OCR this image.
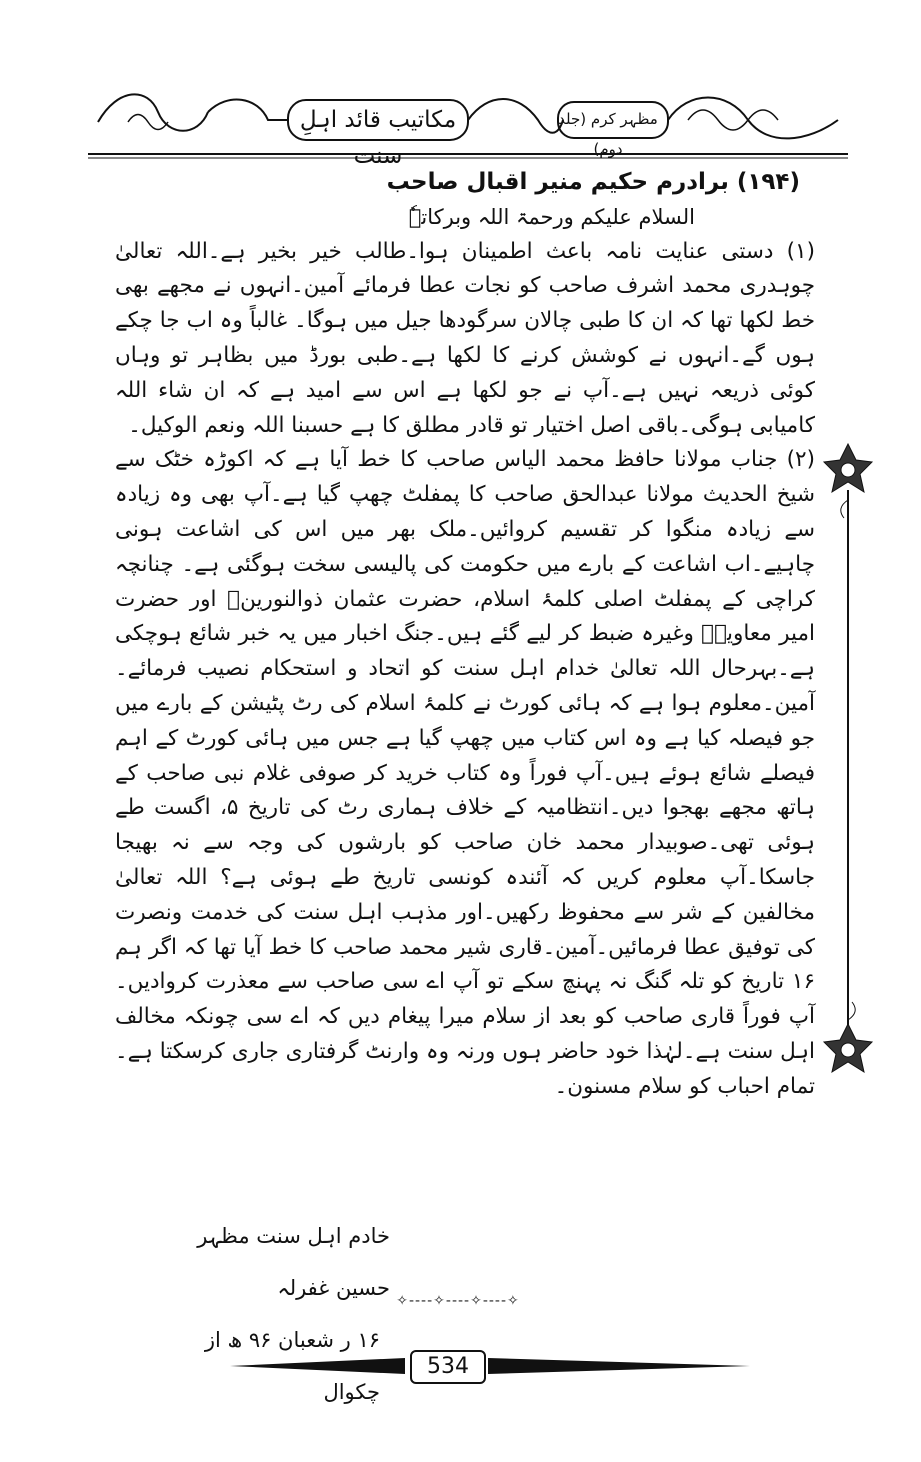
مکاتیب قائد اہلِ سنت
مظہر کرم (جلد دوم)
(۱۹۴) برادرم حکیم منیر اقبال صاحب
السلام علیکم ورحمۃ اللہ وبرکاتہٗ

(۱) دستی عنایت نامہ باعث اطمینان ہوا۔طالب خیر بخیر ہے۔اللہ تعالیٰ چوہدری محمد اشرف صاحب کو نجات عطا فرمائے آمین۔انہوں نے مجھے بھی خط لکھا تھا کہ ان کا طبی چالان سرگودھا جیل میں ہوگا۔ غالباً وہ اب جا چکے ہوں گے۔انہوں نے کوشش کرنے کا لکھا ہے۔طبی بورڈ میں بظاہر تو وہاں کوئی ذریعہ نہیں ہے۔آپ نے جو لکھا ہے اس سے امید ہے کہ ان شاء اللہ کامیابی ہوگی۔باقی اصل اختیار تو قادر مطلق کا ہے حسبنا اللہ ونعم الوکیل۔

(۲) جناب مولانا حافظ محمد الیاس صاحب کا خط آیا ہے کہ اکوڑہ خٹک سے شیخ الحدیث مولانا عبدالحق صاحب کا پمفلٹ چھپ گیا ہے۔آپ بھی وہ زیادہ سے زیادہ منگوا کر تقسیم کروائیں۔ملک بھر میں اس کی اشاعت ہونی چاہیے۔اب اشاعت کے بارے میں حکومت کی پالیسی سخت ہوگئی ہے۔ چنانچہ کراچی کے پمفلٹ اصلی کلمۂ اسلام، حضرت عثمان ذوالنورینؓ اور حضرت امیر معاویہؓ وغیرہ ضبط کر لیے گئے ہیں۔جنگ اخبار میں یہ خبر شائع ہوچکی ہے۔بہرحال اللہ تعالیٰ خدام اہل سنت کو اتحاد و استحکام نصیب فرمائے۔آمین۔معلوم ہوا ہے کہ ہائی کورٹ نے کلمۂ اسلام کی رٹ پٹیشن کے بارے میں جو فیصلہ کیا ہے وہ اس کتاب میں چھپ گیا ہے جس میں ہائی کورٹ کے اہم فیصلے شائع ہوئے ہیں۔آپ فوراً وہ کتاب خرید کر صوفی غلام نبی صاحب کے ہاتھ مجھے بھجوا دیں۔انتظامیہ کے خلاف ہماری رٹ کی تاریخ ۵، اگست طے ہوئی تھی۔صوبیدار محمد خان صاحب کو بارشوں کی وجہ سے نہ بھیجا جاسکا۔آپ معلوم کریں کہ آئندہ کونسی تاریخ طے ہوئی ہے؟ اللہ تعالیٰ مخالفین کے شر سے محفوظ رکھیں۔اور مذہب اہل سنت کی خدمت ونصرت کی توفیق عطا فرمائیں۔آمین۔قاری شیر محمد صاحب کا خط آیا تھا کہ اگر ہم ۱۶ تاریخ کو تلہ گنگ نہ پہنچ سکے تو آپ اے سی صاحب سے معذرت کروادیں۔آپ فوراً قاری صاحب کو بعد از سلام میرا پیغام دیں کہ اے سی چونکہ مخالف اہل سنت ہے۔لہٰذا خود حاضر ہوں ورنہ وہ وارنٹ گرفتاری جاری کرسکتا ہے۔تمام احباب کو سلام مسنون۔

خادم اہل سنت مظہر حسین غفرلہ
۱۶ ر شعبان ۹۶ ھ از چکوال
✧----✧----✧----✧
534
